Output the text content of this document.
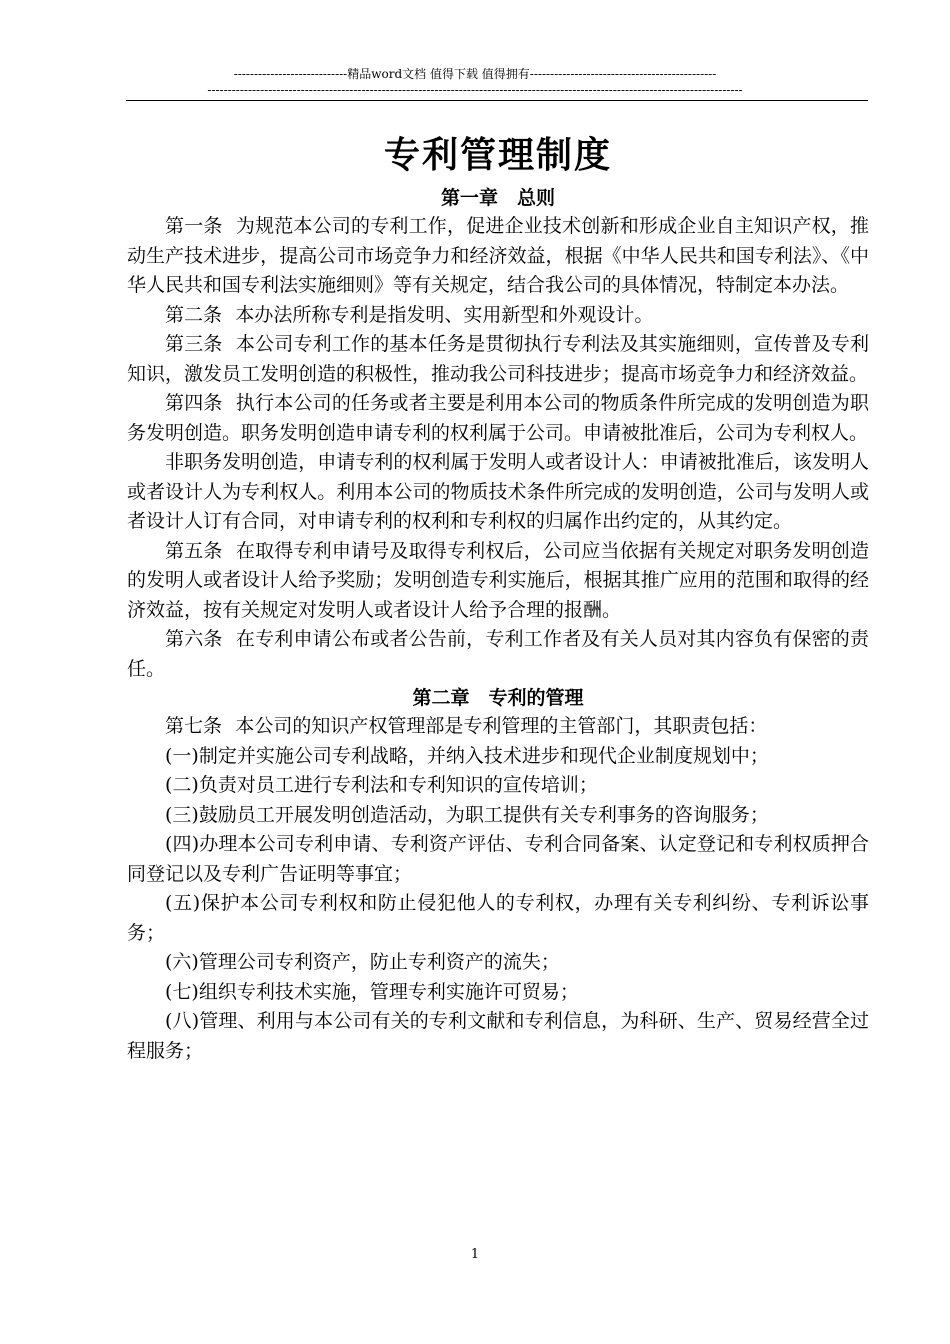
----------------------------精品word文档 值得下载 值得拥有----------------------------------------------
------------------------------------------------------------------------------------------------------------------------------------
专利管理制度
第一章　总则

第一条 为规范本公司的专利工作，促进企业技术创新和形成企业自主知识产权，推动生产技术进步，提高公司市场竞争力和经济效益，根据《中华人民共和国专利法》、《中华人民共和国专利法实施细则》等有关规定，结合我公司的具体情况，特制定本办法。

第二条 本办法所称专利是指发明、实用新型和外观设计。

第三条 本公司专利工作的基本任务是贯彻执行专利法及其实施细则，宣传普及专利知识，激发员工发明创造的积极性，推动我公司科技进步；提高市场竞争力和经济效益。

第四条 执行本公司的任务或者主要是利用本公司的物质条件所完成的发明创造为职务发明创造。职务发明创造申请专利的权利属于公司。申请被批准后，公司为专利权人。

非职务发明创造，申请专利的权利属于发明人或者设计人：申请被批准后，该发明人或者设计人为专利权人。利用本公司的物质技术条件所完成的发明创造，公司与发明人或者设计人订有合同，对申请专利的权利和专利权的归属作出约定的，从其约定。

第五条 在取得专利申请号及取得专利权后，公司应当依据有关规定对职务发明创造的发明人或者设计人给予奖励；发明创造专利实施后，根据其推广应用的范围和取得的经济效益，按有关规定对发明人或者设计人给予合理的报酬。

第六条 在专利申请公布或者公告前，专利工作者及有关人员对其内容负有保密的责任。

第二章　专利的管理

第七条 本公司的知识产权管理部是专利管理的主管部门，其职责包括：

(一)制定并实施公司专利战略，并纳入技术进步和现代企业制度规划中；

(二)负责对员工进行专利法和专利知识的宣传培训；

(三)鼓励员工开展发明创造活动，为职工提供有关专利事务的咨询服务；

(四)办理本公司专利申请、专利资产评估、专利合同备案、认定登记和专利权质押合同登记以及专利广告证明等事宜；

(五)保护本公司专利权和防止侵犯他人的专利权，办理有关专利纠纷、专利诉讼事务；

(六)管理公司专利资产，防止专利资产的流失；

(七)组织专利技术实施，管理专利实施许可贸易；

(八)管理、利用与本公司有关的专利文献和专利信息，为科研、生产、贸易经营全过程服务；

1
